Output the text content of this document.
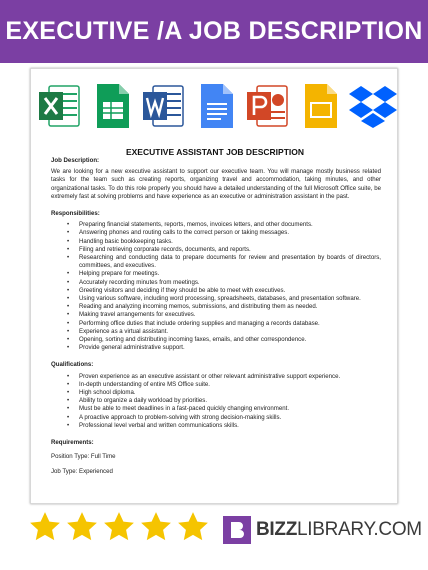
EXECUTIVE /A JOB DESCRIPTION
EXECUTIVE ASSISTANT JOB DESCRIPTION

Job Description:

We are looking for a new executive assistant to support our executive team. You will manage mostly business related tasks for the team such as creating reports, organizing travel and accommodation, taking minutes, and other organizational tasks. To do this role properly you should have a detailed understanding of the full Microsoft Office suite, be extremely fast at solving problems and have experience as an executive or administration assistant in the past.

Responsibilities:

• Preparing financial statements, reports, memos, invoices letters, and other documents.
• Answering phones and routing calls to the correct person or taking messages.
• Handling basic bookkeeping tasks.
• Filing and retrieving corporate records, documents, and reports.
• Researching and conducting data to prepare documents for review and presentation by boards of directors, committees, and executives.
• Helping prepare for meetings.
• Accurately recording minutes from meetings.
• Greeting visitors and deciding if they should be able to meet with executives.
• Using various software, including word processing, spreadsheets, databases, and presentation software.
• Reading and analyzing incoming memos, submissions, and distributing them as needed.
• Making travel arrangements for executives.
• Performing office duties that include ordering supplies and managing a records database.
• Experience as a virtual assistant.
• Opening, sorting and distributing incoming faxes, emails, and other correspondence.
• Provide general administrative support.

Qualifications:

• Proven experience as an executive assistant or other relevant administrative support experience.
• In-depth understanding of entire MS Office suite.
• High school diploma.
• Ability to organize a daily workload by priorities.
• Must be able to meet deadlines in a fast-paced quickly changing environment.
• A proactive approach to problem-solving with strong decision-making skills.
• Professional level verbal and written communications skills.

Requirements:

Position Type: Full Time

Job Type: Experienced

BIZZLIBRARY.COM
